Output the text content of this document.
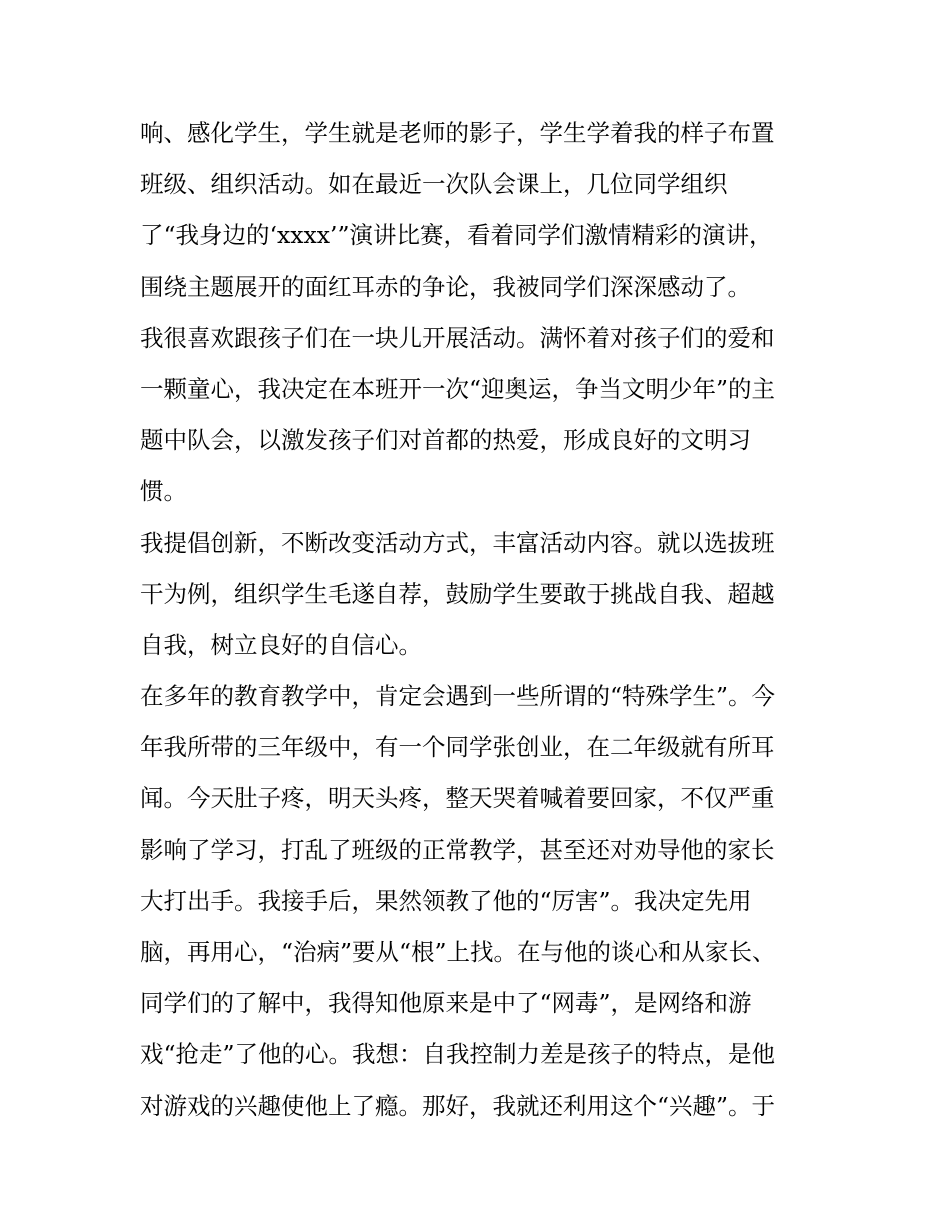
响、感化学生，学生就是老师的影子，学生学着我的样子布置
班级、组织活动。如在最近一次队会课上，几位同学组织
了“我身边的‘xxxx’”演讲比赛，看着同学们激情精彩的演讲，
围绕主题展开的面红耳赤的争论，我被同学们深深感动了。
我很喜欢跟孩子们在一块儿开展活动。满怀着对孩子们的爱和
一颗童心，我决定在本班开一次“迎奥运，争当文明少年”的主
题中队会，以激发孩子们对首都的热爱，形成良好的文明习
惯。
我提倡创新，不断改变活动方式，丰富活动内容。就以选拔班
干为例，组织学生毛遂自荐，鼓励学生要敢于挑战自我、超越
自我，树立良好的自信心。
在多年的教育教学中，肯定会遇到一些所谓的“特殊学生”。今
年我所带的三年级中，有一个同学张创业，在二年级就有所耳
闻。今天肚子疼，明天头疼，整天哭着喊着要回家，不仅严重
影响了学习，打乱了班级的正常教学，甚至还对劝导他的家长
大打出手。我接手后，果然领教了他的“厉害”。我决定先用
脑，再用心，“治病”要从“根”上找。在与他的谈心和从家长、
同学们的了解中，我得知他原来是中了“网毒”，是网络和游
戏“抢走”了他的心。我想：自我控制力差是孩子的特点，是他
对游戏的兴趣使他上了瘾。那好，我就还利用这个“兴趣”。于
